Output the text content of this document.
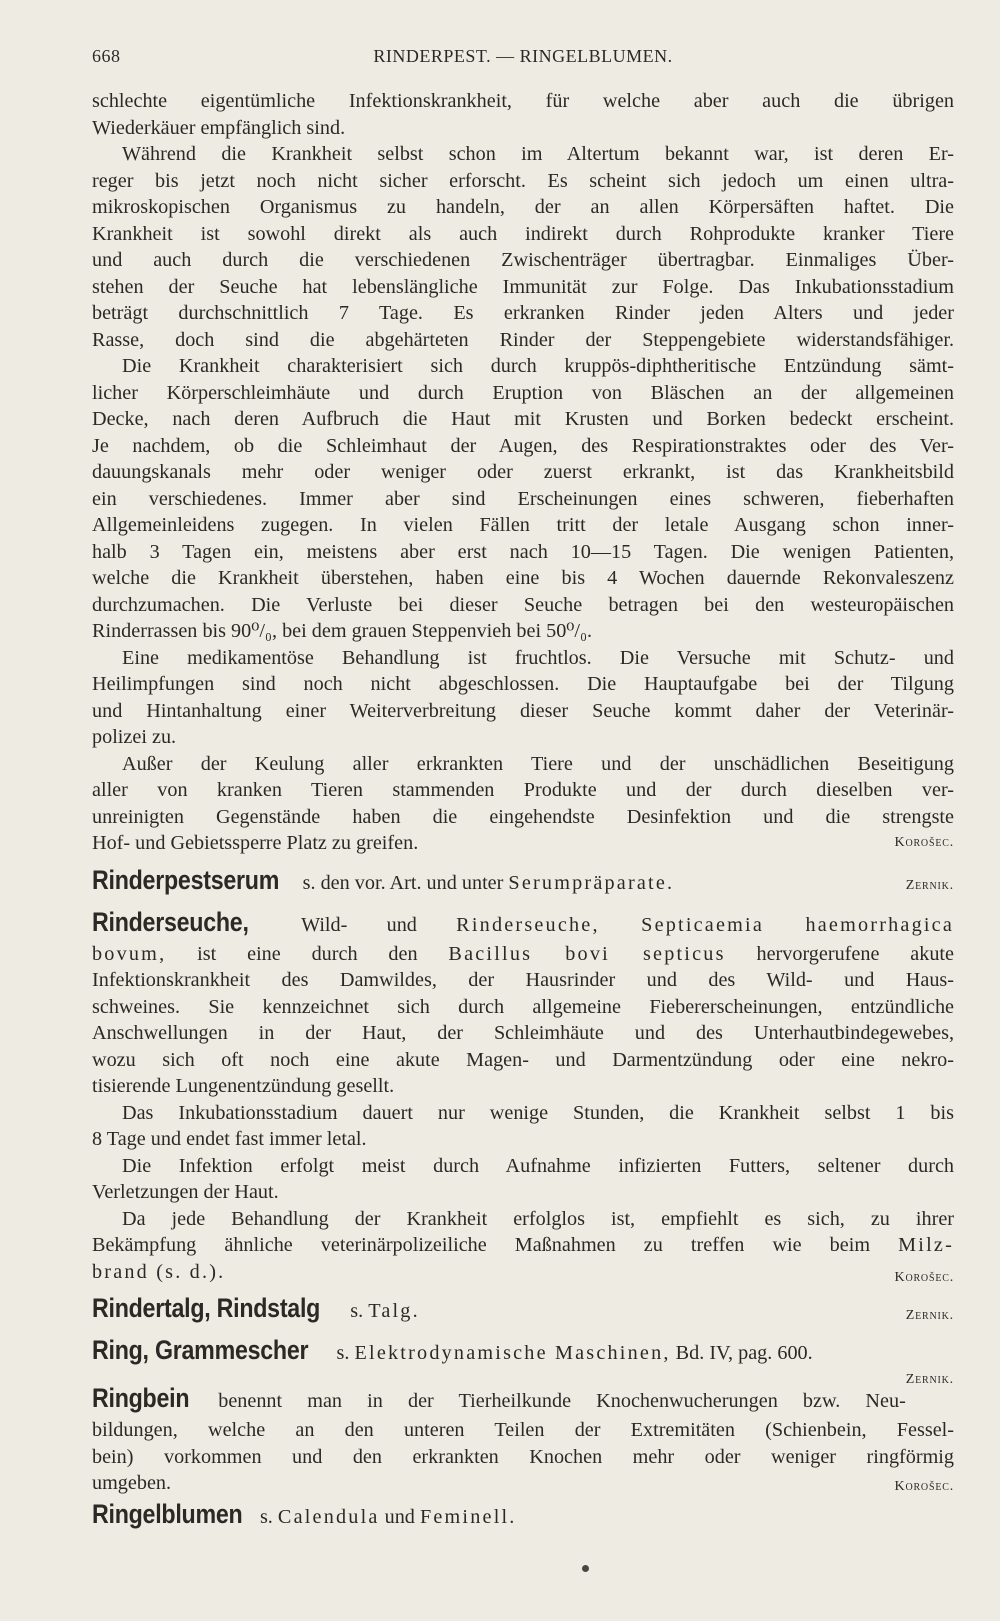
668	RINDERPEST. — RINGELBLUMEN.
schlechte eigentümliche Infektionskrankheit, für welche aber auch die übrigen
Wiederkäuer empfänglich sind.
Während die Krankheit selbst schon im Altertum bekannt war, ist deren Er-
reger bis jetzt noch nicht sicher erforscht. Es scheint sich jedoch um einen ultra-
mikroskopischen Organismus zu handeln, der an allen Körpersäften haftet. Die
Krankheit ist sowohl direkt als auch indirekt durch Rohprodukte kranker Tiere
und auch durch die verschiedenen Zwischenträger übertragbar. Einmaliges Über-
stehen der Seuche hat lebenslängliche Immunität zur Folge. Das Inkubationsstadium
beträgt durchschnittlich 7 Tage. Es erkranken Rinder jeden Alters und jeder
Rasse, doch sind die abgehärteten Rinder der Steppengebiete widerstandsfähiger.
Die Krankheit charakterisiert sich durch kruppös-diphtheritische Entzündung sämt-
licher Körperschleimhäute und durch Eruption von Bläschen an der allgemeinen
Decke, nach deren Aufbruch die Haut mit Krusten und Borken bedeckt erscheint.
Je nachdem, ob die Schleimhaut der Augen, des Respirationstraktes oder des Ver-
dauungskanals mehr oder weniger oder zuerst erkrankt, ist das Krankheitsbild
ein verschiedenes. Immer aber sind Erscheinungen eines schweren, fieberhaften
Allgemeinleidens zugegen. In vielen Fällen tritt der letale Ausgang schon inner-
halb 3 Tagen ein, meistens aber erst nach 10—15 Tagen. Die wenigen Patienten,
welche die Krankheit überstehen, haben eine bis 4 Wochen dauernde Rekonvaleszenz
durchzumachen. Die Verluste bei dieser Seuche betragen bei den westeuropäischen
Rinderrassen bis 90⁰/₀, bei dem grauen Steppenvieh bei 50⁰/₀.
Eine medikamentöse Behandlung ist fruchtlos. Die Versuche mit Schutz- und
Heilimpfungen sind noch nicht abgeschlossen. Die Hauptaufgabe bei der Tilgung
und Hintanhaltung einer Weiterverbreitung dieser Seuche kommt daher der Veterinär-
polizei zu.
Außer der Keulung aller erkrankten Tiere und der unschädlichen Beseitigung
aller von kranken Tieren stammenden Produkte und der durch dieselben ver-
unreinigten Gegenstände haben die eingehendste Desinfektion und die strengste
Hof- und Gebietssperre Platz zu greifen.	Korošec.
Rinderpestserum s. den vor. Art. und unter Serumpräparate.	Zernik.
Rinderseuche,	Wild- und Rinderseuche, Septicaemia haemorrhagica
bovum, ist eine durch den Bacillus bovi septicus hervorgerufene akute
Infektionskrankheit des Damwildes, der Hausrinder und des Wild- und Haus-
schweines. Sie kennzeichnet sich durch allgemeine Fiebererscheinungen, entzündliche
Anschwellungen in der Haut, der Schleimhäute und des Unterhautbindegewebes,
wozu sich oft noch eine akute Magen- und Darmentzündung oder eine nekro-
tisierende Lungenentzündung gesellt.
Das Inkubationsstadium dauert nur wenige Stunden, die Krankheit selbst 1 bis
8 Tage und endet fast immer letal.
Die Infektion erfolgt meist durch Aufnahme infizierten Futters, seltener durch
Verletzungen der Haut.
Da jede Behandlung der Krankheit erfolglos ist, empfiehlt es sich, zu ihrer
Bekämpfung ähnliche veterinärpolizeiliche Maßnahmen zu treffen wie beim Milz-
brand (s. d.).	Korošec.
Rindertalg, Rindstalg s. Talg.	Zernik.
Ring, Grammescher s. Elektrodynamische Maschinen, Bd. IV, pag. 600.
Zernik.
Ringbein benennt man in der Tierheilkunde Knochenwucherungen bzw. Neu-
bildungen, welche an den unteren Teilen der Extremitäten (Schienbein, Fessel-
bein) vorkommen und den erkrankten Knochen mehr oder weniger ringförmig
umgeben.	Korošec.
Ringelblumen s. Calendula und Feminell.
